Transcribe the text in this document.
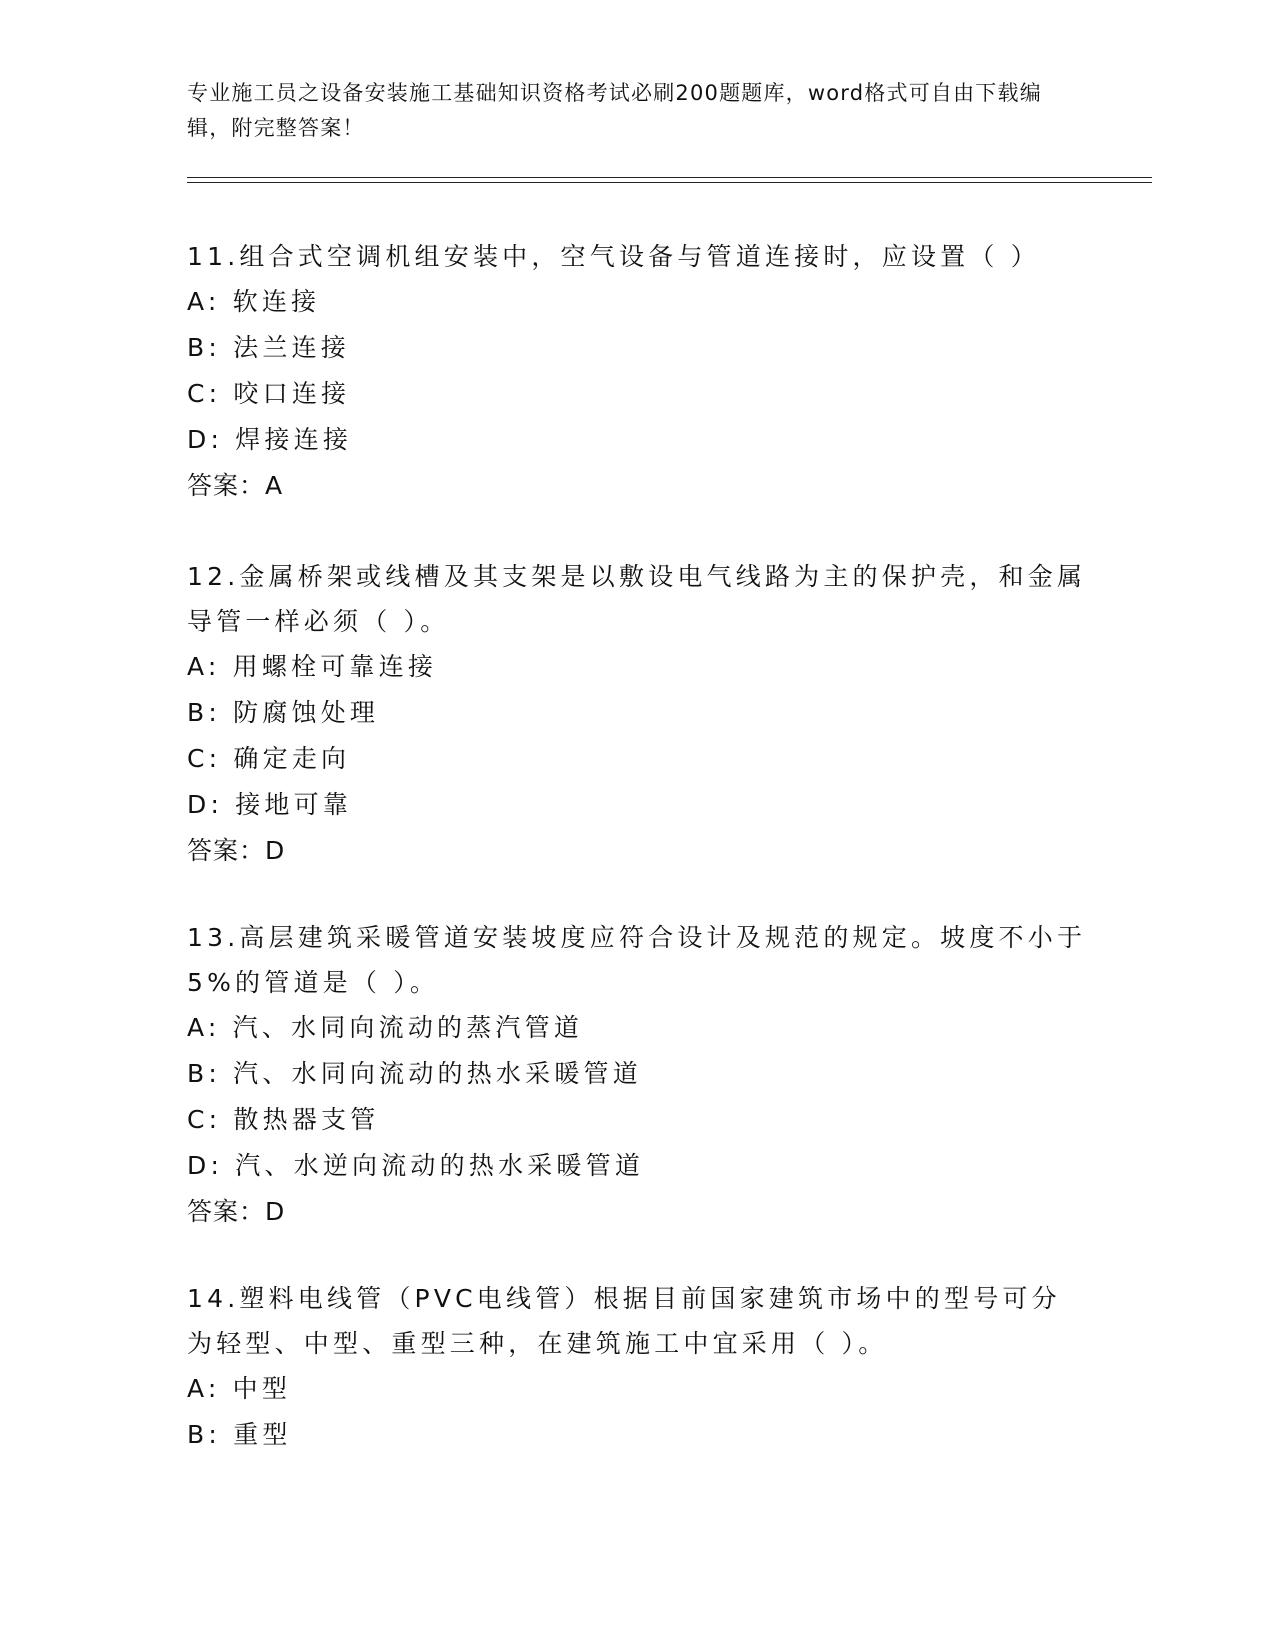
专业施工员之设备安装施工基础知识资格考试必刷200题题库，word格式可自由下载编辑，附完整答案！

11.组合式空调机组安装中，空气设备与管道连接时，应设置（ ）

A: 软连接

B: 法兰连接

C: 咬口连接

D: 焊接连接

答案：A

12.金属桥架或线槽及其支架是以敷设电气线路为主的保护壳，和金属导管一样必须（ ）。

A: 用螺栓可靠连接

B: 防腐蚀处理

C: 确定走向

D: 接地可靠

答案：D

13.高层建筑采暖管道安装坡度应符合设计及规范的规定。坡度不小于5%的管道是（ ）。

A: 汽、水同向流动的蒸汽管道

B: 汽、水同向流动的热水采暖管道

C: 散热器支管

D: 汽、水逆向流动的热水采暖管道

答案：D

14.塑料电线管（PVC电线管）根据目前国家建筑市场中的型号可分为轻型、中型、重型三种，在建筑施工中宜采用（ ）。

A: 中型

B: 重型
